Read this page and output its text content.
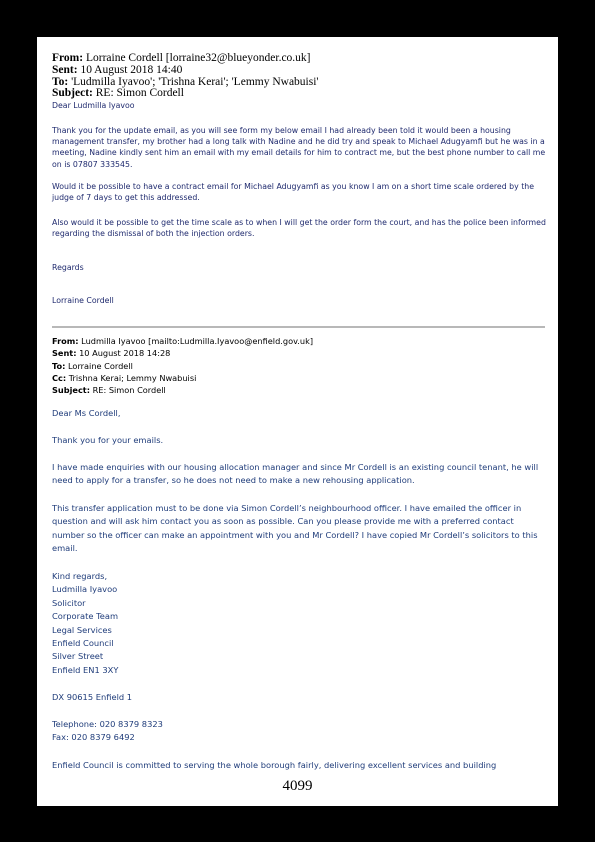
From: Lorraine Cordell [lorraine32@blueyonder.co.uk]
Sent: 10 August 2018 14:40
To: 'Ludmilla Iyavoo'; 'Trishna Kerai'; 'Lemmy Nwabuisi'
Subject: RE: Simon Cordell

Dear Ludmilla Iyavoo

Thank you for the update email, as you will see form my below email I had already been told it would been a housing management transfer, my brother had a long talk with Nadine and he did try and speak to Michael Adugyamfi but he was in a meeting, Nadine kindly sent him an email with my email details for him to contract me, but the best phone number to call me on is 07807 333545.

Would it be possible to have a contract email for Michael Adugyamfi as you know I am on a short time scale ordered by the judge of 7 days to get this addressed.

Also would it be possible to get the time scale as to when I will get the order form the court, and has the police been informed regarding the dismissal of both the injection orders.

Regards

Lorraine Cordell

From: Ludmilla Iyavoo [mailto:Ludmilla.Iyavoo@enfield.gov.uk]
Sent: 10 August 2018 14:28
To: Lorraine Cordell
Cc: Trishna Kerai; Lemmy Nwabuisi
Subject: RE: Simon Cordell

Dear Ms Cordell,

Thank you for your emails.

I have made enquiries with our housing allocation manager and since Mr Cordell is an existing council tenant, he will need to apply for a transfer, so he does not need to make a new rehousing application.

This transfer application must to be done via Simon Cordell’s neighbourhood officer. I have emailed the officer in question and will ask him contact you as soon as possible. Can you please provide me with a preferred contact number so the officer can make an appointment with you and Mr Cordell? I have copied Mr Cordell’s solicitors to this email.

Kind regards,
Ludmilla Iyavoo
Solicitor
Corporate Team
Legal Services
Enfield Council
Silver Street
Enfield EN1 3XY

DX 90615 Enfield 1

Telephone: 020 8379 8323

Fax: 020 8379 6492

Enfield Council is committed to serving the whole borough fairly, delivering excellent services and building

4099
